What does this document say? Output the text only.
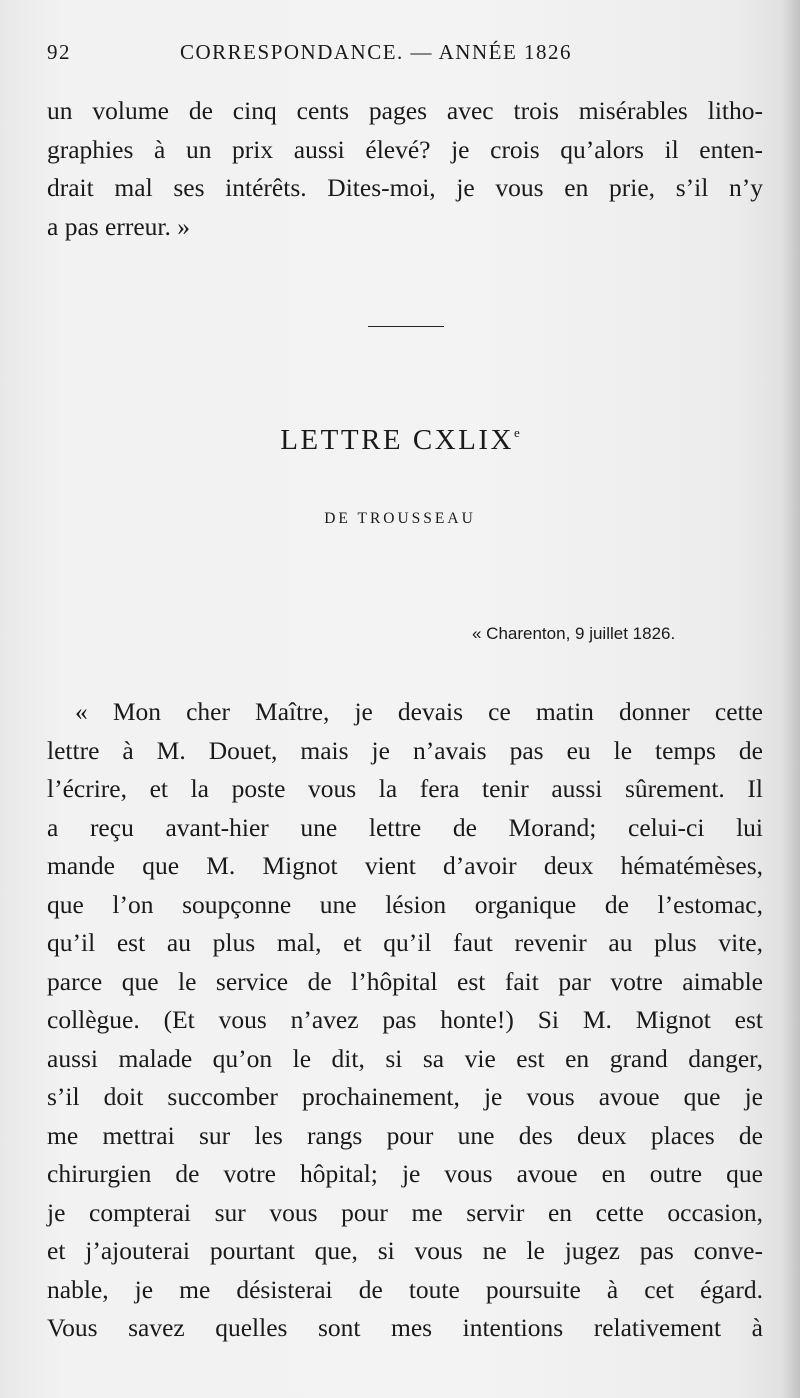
92	CORRESPONDANCE. — ANNÉE 1826
un volume de cinq cents pages avec trois misérables litho-
graphies à un prix aussi élevé? je crois qu’alors il enten-
drait mal ses intérêts. Dites-moi, je vous en prie, s’il n’y
a pas erreur. »
LETTRE CXLIXe
DE TROUSSEAU
« Charenton, 9 juillet 1826.
« Mon cher Maître, je devais ce matin donner cette
lettre à M. Douet, mais je n’avais pas eu le temps de
l’écrire, et la poste vous la fera tenir aussi sûrement. Il
a reçu avant-hier une lettre de Morand; celui-ci lui
mande que M. Mignot vient d’avoir deux hématémèses,
que l’on soupçonne une lésion organique de l’estomac,
qu’il est au plus mal, et qu’il faut revenir au plus vite,
parce que le service de l’hôpital est fait par votre aimable
collègue. (Et vous n’avez pas honte!) Si M. Mignot est
aussi malade qu’on le dit, si sa vie est en grand danger,
s’il doit succomber prochainement, je vous avoue que je
me mettrai sur les rangs pour une des deux places de
chirurgien de votre hôpital; je vous avoue en outre que
je compterai sur vous pour me servir en cette occasion,
et j’ajouterai pourtant que, si vous ne le jugez pas conve-
nable, je me désisterai de toute poursuite à cet égard.
Vous savez quelles sont mes intentions relativement à
